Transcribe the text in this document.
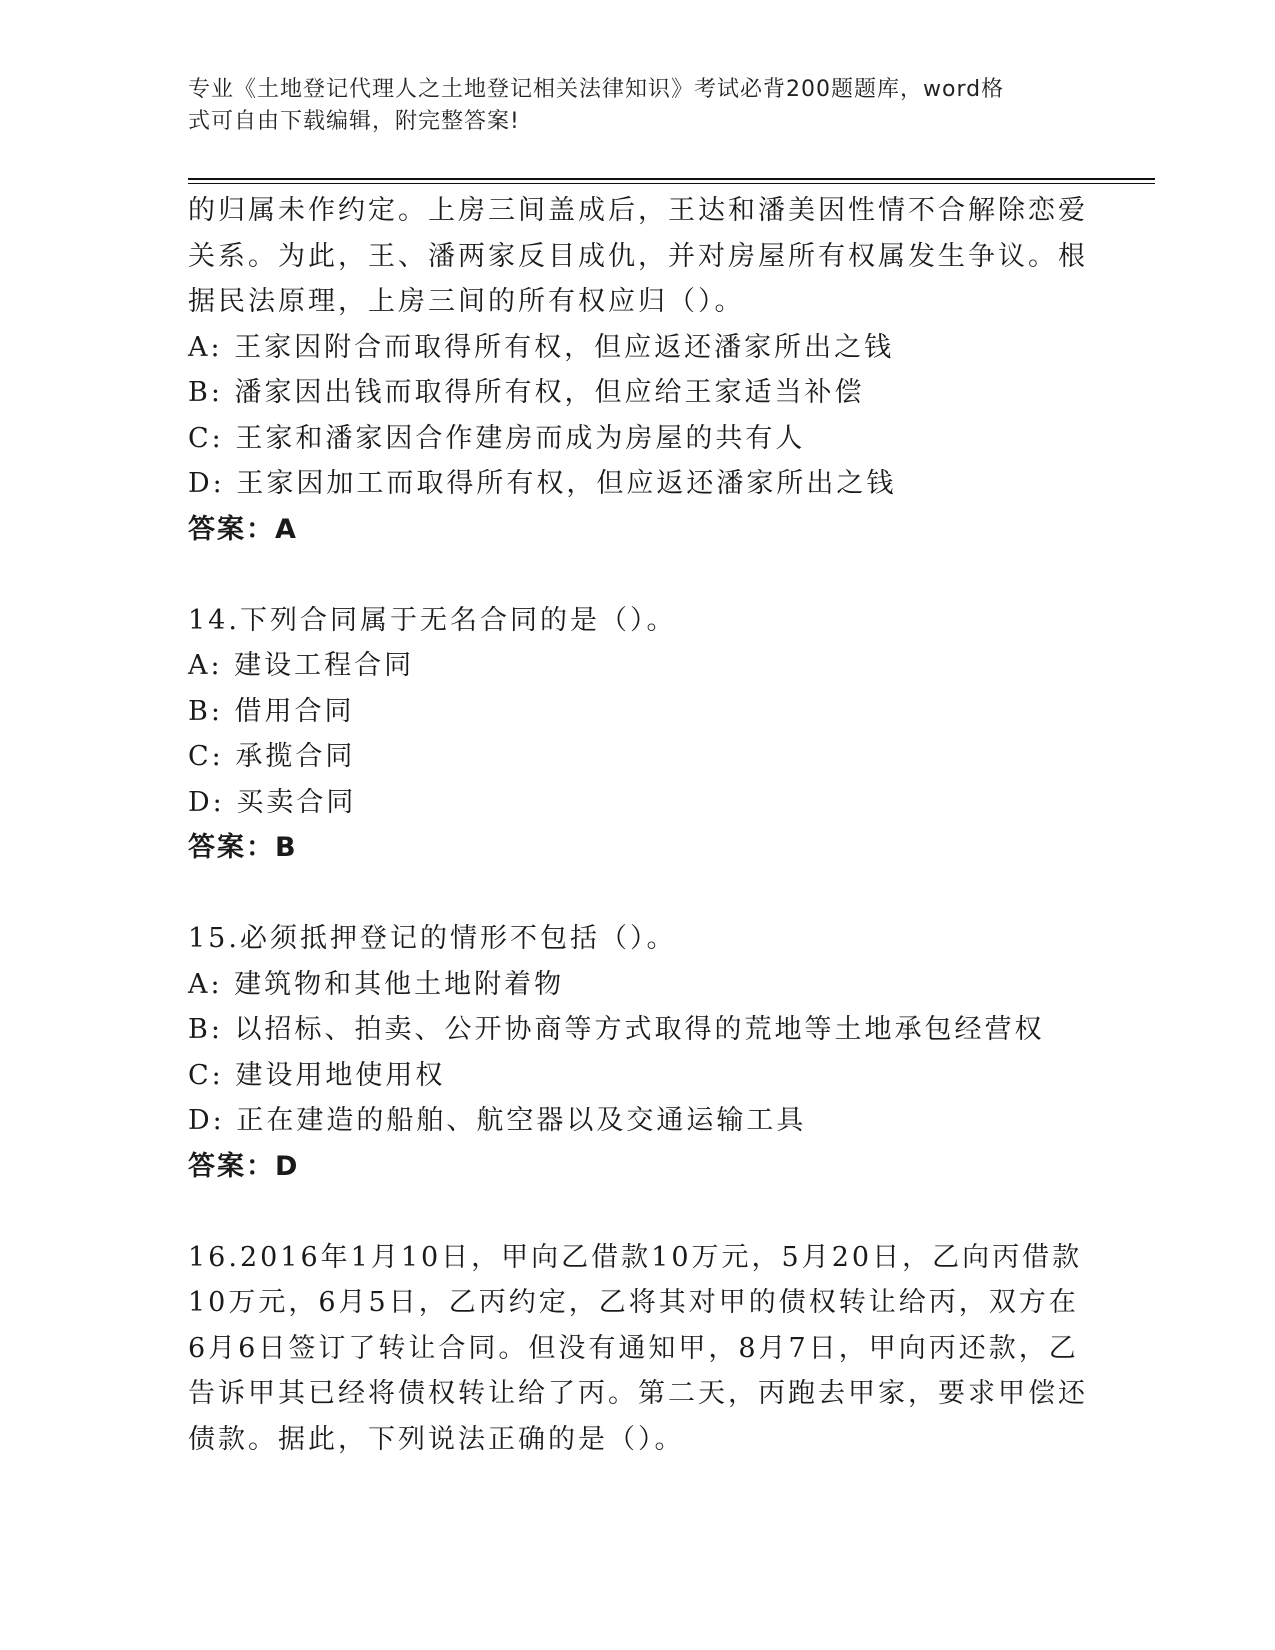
专业《土地登记代理人之土地登记相关法律知识》考试必背200题题库，word格
式可自由下载编辑，附完整答案!
的归属未作约定。上房三间盖成后，王达和潘美因性情不合解除恋爱
关系。为此，王、潘两家反目成仇，并对房屋所有权属发生争议。根
据民法原理，上房三间的所有权应归（）。
A: 王家因附合而取得所有权，但应返还潘家所出之钱
B: 潘家因出钱而取得所有权，但应给王家适当补偿
C: 王家和潘家因合作建房而成为房屋的共有人
D: 王家因加工而取得所有权，但应返还潘家所出之钱
答案：A
14.下列合同属于无名合同的是（）。
A: 建设工程合同
B: 借用合同
C: 承揽合同
D: 买卖合同
答案：B
15.必须抵押登记的情形不包括（）。
A: 建筑物和其他土地附着物
B: 以招标、拍卖、公开协商等方式取得的荒地等土地承包经营权
C: 建设用地使用权
D: 正在建造的船舶、航空器以及交通运输工具
答案：D
16.2016年1月10日，甲向乙借款10万元，5月20日，乙向丙借款
10万元，6月5日，乙丙约定，乙将其对甲的债权转让给丙，双方在
6月6日签订了转让合同。但没有通知甲，8月7日，甲向丙还款，乙
告诉甲其已经将债权转让给了丙。第二天，丙跑去甲家，要求甲偿还
债款。据此，下列说法正确的是（）。
